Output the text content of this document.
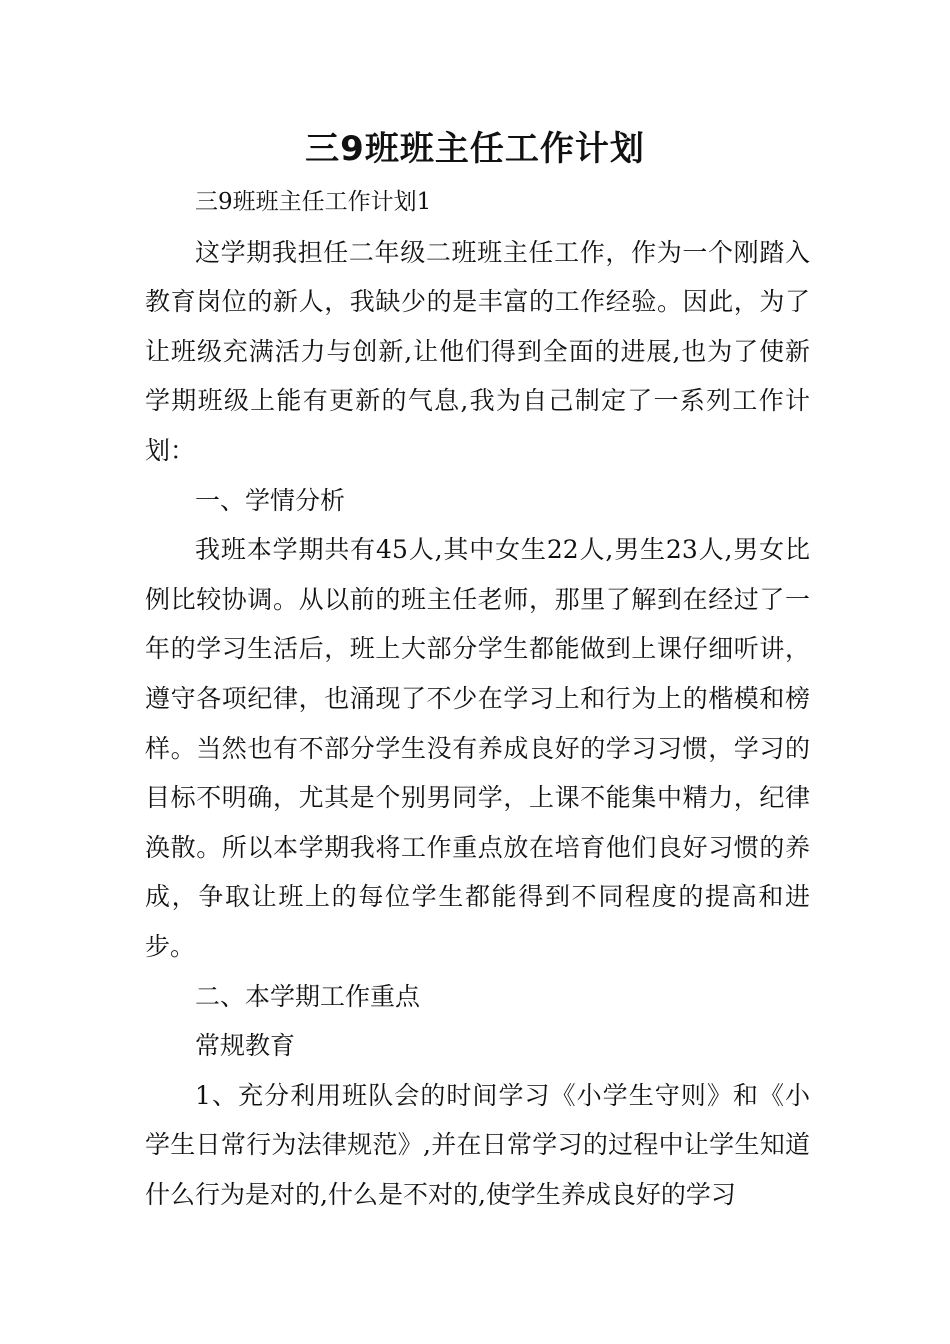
三9班班主任工作计划

三9班班主任工作计划1

这学期我担任二年级二班班主任工作，作为一个刚踏入教育岗位的新人，我缺少的是丰富的工作经验。因此，为了让班级充满活力与创新,让他们得到全面的进展,也为了使新学期班级上能有更新的气息,我为自己制定了一系列工作计划：

一、学情分析

我班本学期共有45人,其中女生22人,男生23人,男女比例比较协调。从以前的班主任老师，那里了解到在经过了一年的学习生活后，班上大部分学生都能做到上课仔细听讲，遵守各项纪律，也涌现了不少在学习上和行为上的楷模和榜样。当然也有不部分学生没有养成良好的学习习惯，学习的目标不明确，尤其是个别男同学，上课不能集中精力，纪律涣散。所以本学期我将工作重点放在培育他们良好习惯的养成，争取让班上的每位学生都能得到不同程度的提高和进步。

二、本学期工作重点

常规教育

1、充分利用班队会的时间学习《小学生守则》和《小学生日常行为法律规范》,并在日常学习的过程中让学生知道什么行为是对的,什么是不对的,使学生养成良好的学习
